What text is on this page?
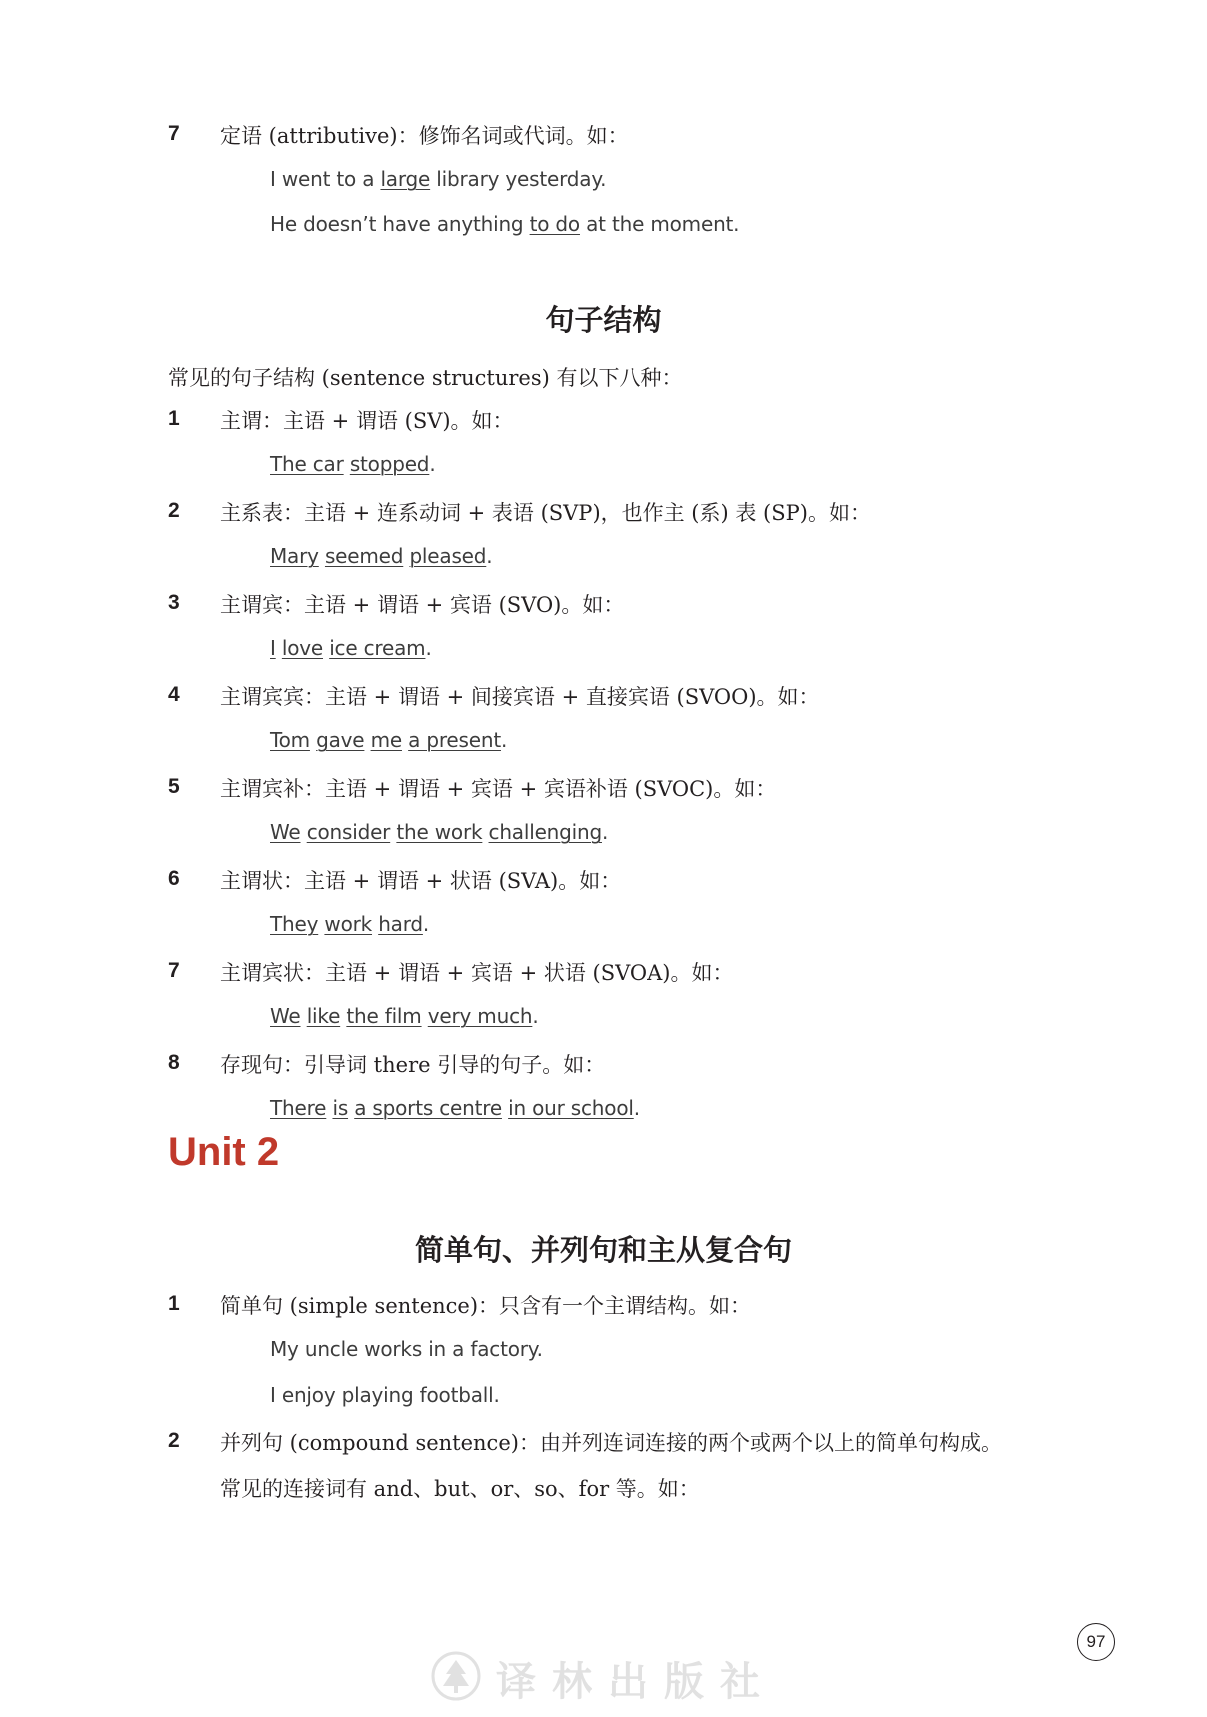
7	定语 (attributive)：修饰名词或代词。如：
I went to a large library yesterday.
He doesn’t have anything to do at the moment.
句子结构
常见的句子结构 (sentence structures) 有以下八种：
1	主谓：主语 + 谓语 (SV)。如：
The car stopped.
2	主系表：主语 + 连系动词 + 表语 (SVP)，也作主 (系) 表 (SP)。如：
Mary seemed pleased.
3	主谓宾：主语 + 谓语 + 宾语 (SVO)。如：
I love ice cream.
4	主谓宾宾：主语 + 谓语 + 间接宾语 + 直接宾语 (SVOO)。如：
Tom gave me a present.
5	主谓宾补：主语 + 谓语 + 宾语 + 宾语补语 (SVOC)。如：
We consider the work challenging.
6	主谓状：主语 + 谓语 + 状语 (SVA)。如：
They work hard.
7	主谓宾状：主语 + 谓语 + 宾语 + 状语 (SVOA)。如：
We like the film very much.
8	存现句：引导词 there 引导的句子。如：
There is a sports centre in our school.
Unit 2
简单句、并列句和主从复合句
1	简单句 (simple sentence)：只含有一个主谓结构。如：
My uncle works in a factory.
I enjoy playing football.
2	并列句 (compound sentence)：由并列连词连接的两个或两个以上的简单句构成。
常见的连接词有 and、but、or、so、for 等。如：
97
译林出版社
